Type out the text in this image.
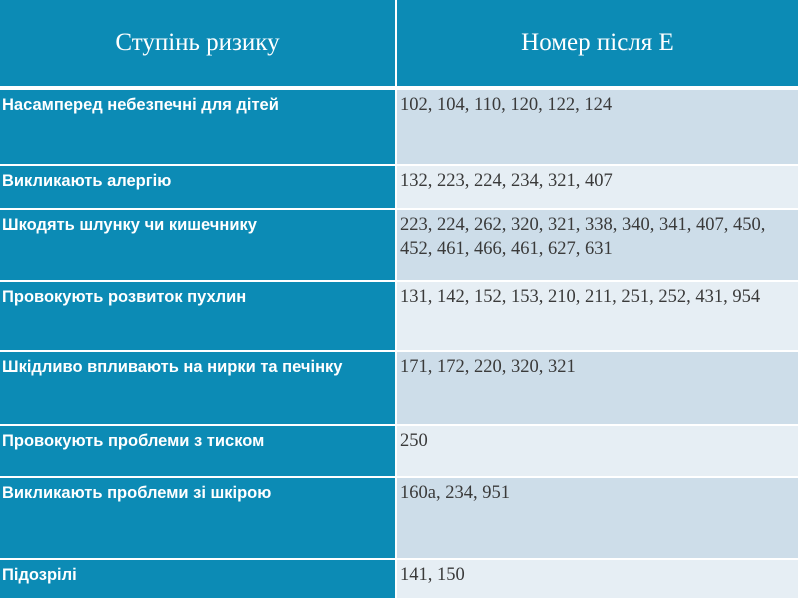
Ступінь ризику	Номер після Е
Насамперед небезпечні для дітей	102, 104, 110, 120, 122, 124
Викликають алергію	132, 223, 224, 234, 321, 407
Шкодять шлунку чи кишечнику	223, 224, 262, 320, 321, 338, 340, 341, 407, 450, 452, 461, 466, 461, 627, 631
Провокують розвиток пухлин	131, 142, 152, 153, 210, 211, 251, 252, 431, 954
Шкідливо впливають на нирки та печінку	171, 172, 220, 320, 321
Провокують проблеми з тиском	250
Викликають проблеми зі шкірою	160а, 234, 951
Підозрілі	141, 150
